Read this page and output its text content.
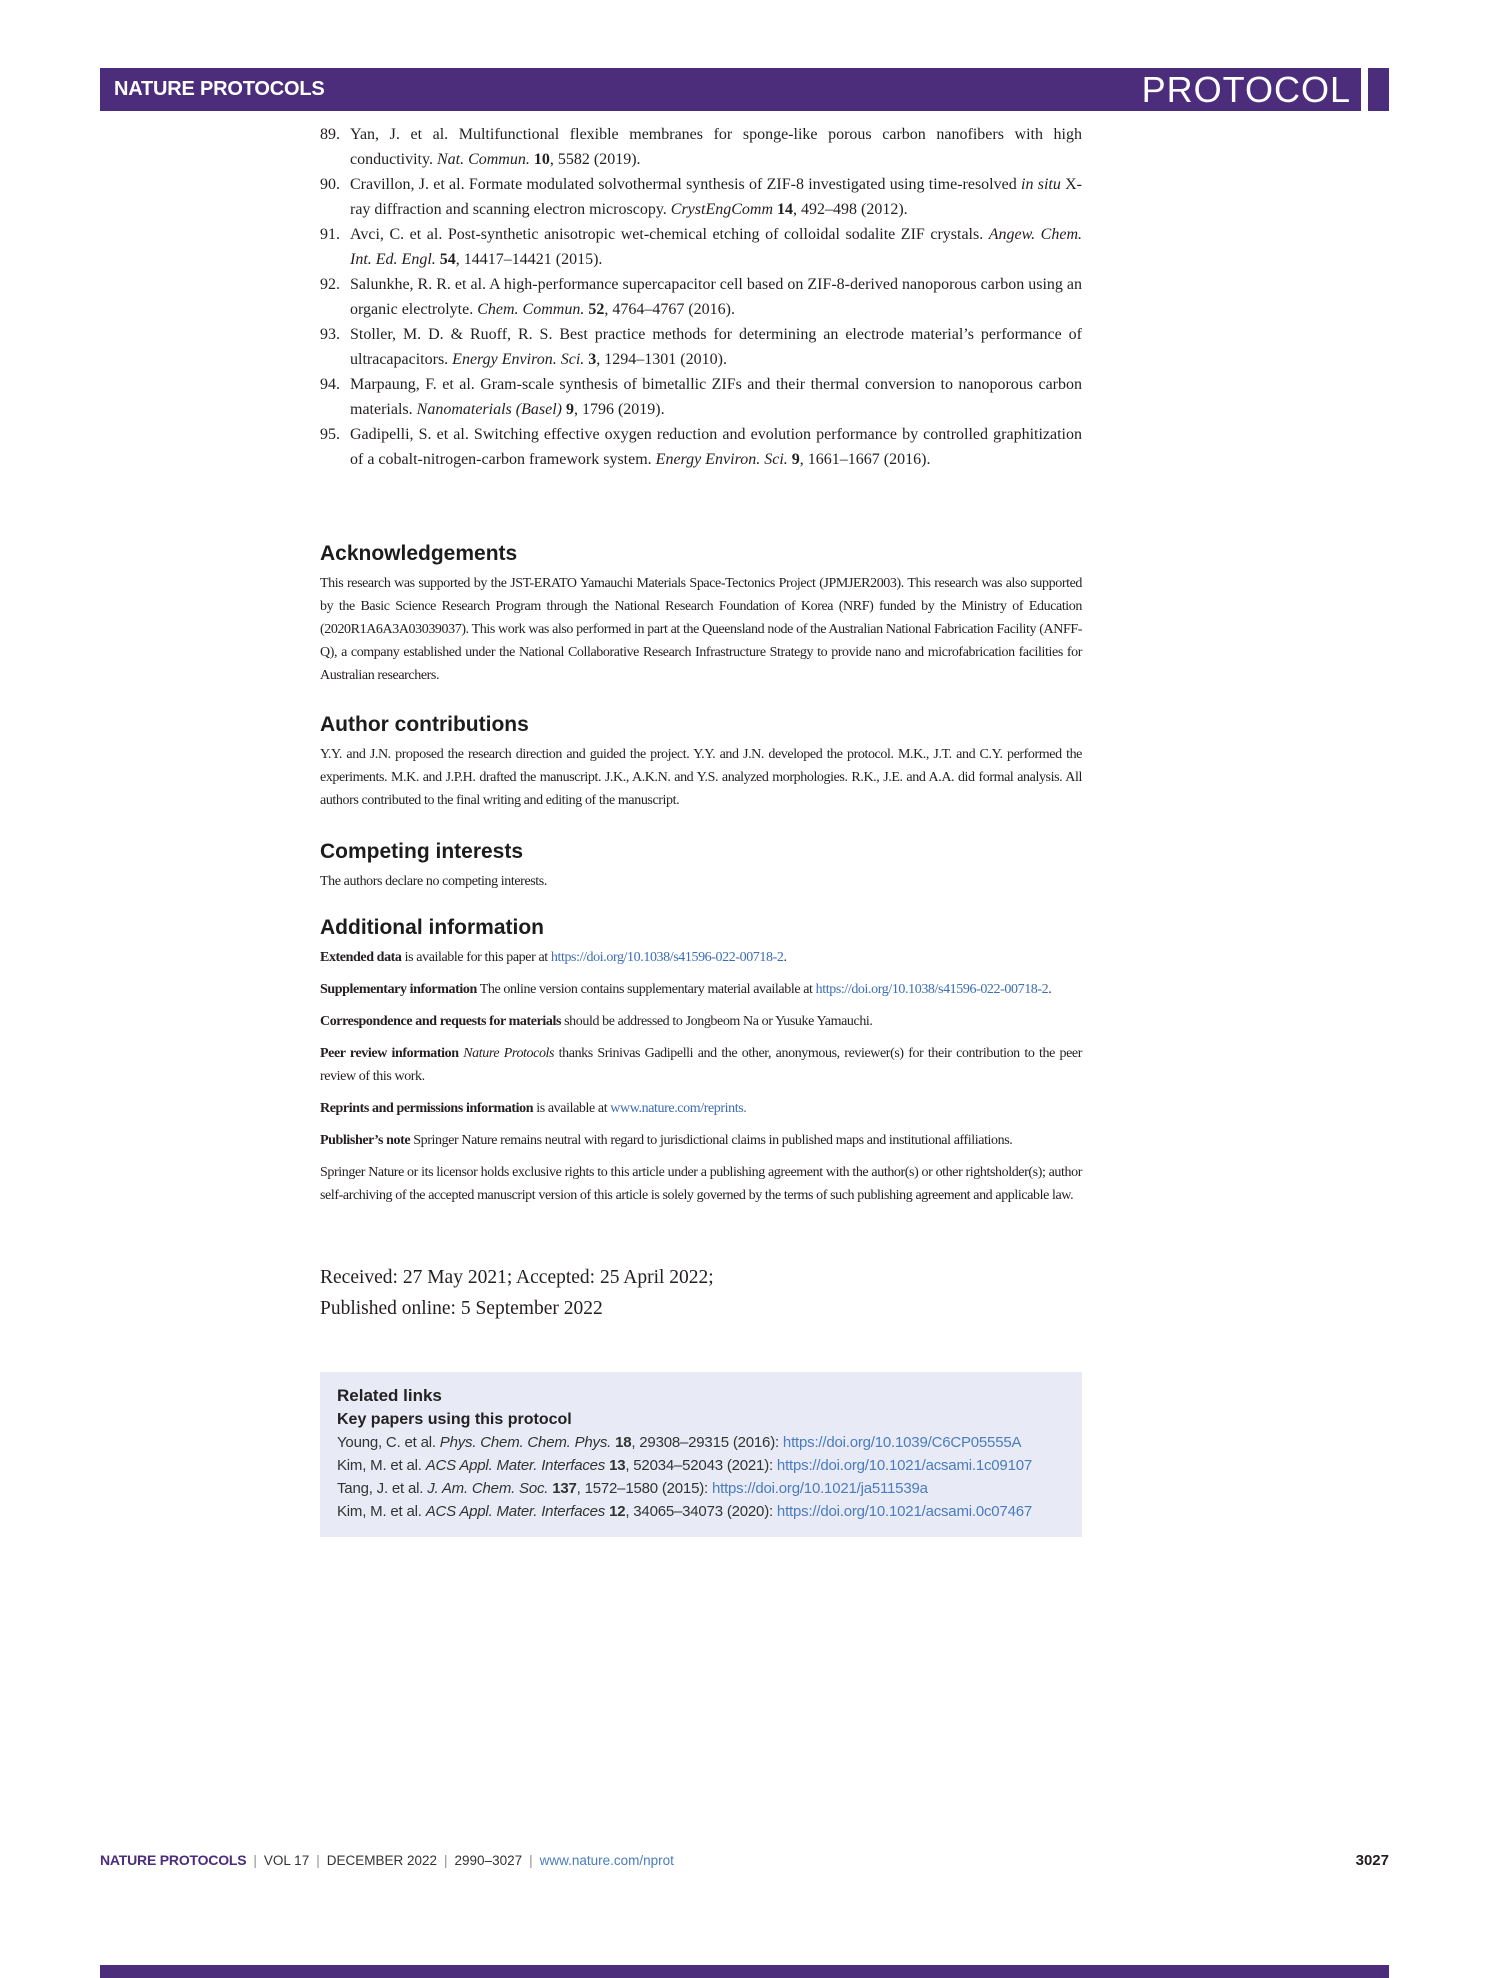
NATURE PROTOCOLS	PROTOCOL
89. Yan, J. et al. Multifunctional flexible membranes for sponge-like porous carbon nanofibers with high conductivity. Nat. Commun. 10, 5582 (2019).
90. Cravillon, J. et al. Formate modulated solvothermal synthesis of ZIF-8 investigated using time-resolved in situ X-ray diffraction and scanning electron microscopy. CrystEngComm 14, 492–498 (2012).
91. Avci, C. et al. Post-synthetic anisotropic wet-chemical etching of colloidal sodalite ZIF crystals. Angew. Chem. Int. Ed. Engl. 54, 14417–14421 (2015).
92. Salunkhe, R. R. et al. A high-performance supercapacitor cell based on ZIF-8-derived nanoporous carbon using an organic electrolyte. Chem. Commun. 52, 4764–4767 (2016).
93. Stoller, M. D. & Ruoff, R. S. Best practice methods for determining an electrode material’s performance of ultracapacitors. Energy Environ. Sci. 3, 1294–1301 (2010).
94. Marpaung, F. et al. Gram-scale synthesis of bimetallic ZIFs and their thermal conversion to nanoporous carbon materials. Nanomaterials (Basel) 9, 1796 (2019).
95. Gadipelli, S. et al. Switching effective oxygen reduction and evolution performance by controlled graphitization of a cobalt-nitrogen-carbon framework system. Energy Environ. Sci. 9, 1661–1667 (2016).
Acknowledgements
This research was supported by the JST-ERATO Yamauchi Materials Space-Tectonics Project (JPMJER2003). This research was also supported by the Basic Science Research Program through the National Research Foundation of Korea (NRF) funded by the Ministry of Education (2020R1A6A3A03039037). This work was also performed in part at the Queensland node of the Australian National Fabrication Facility (ANFF-Q), a company established under the National Collaborative Research Infrastructure Strategy to provide nano and microfabrication facilities for Australian researchers.
Author contributions
Y.Y. and J.N. proposed the research direction and guided the project. Y.Y. and J.N. developed the protocol. M.K., J.T. and C.Y. performed the experiments. M.K. and J.P.H. drafted the manuscript. J.K., A.K.N. and Y.S. analyzed morphologies. R.K., J.E. and A.A. did formal analysis. All authors contributed to the final writing and editing of the manuscript.
Competing interests
The authors declare no competing interests.
Additional information
Extended data is available for this paper at https://doi.org/10.1038/s41596-022-00718-2.
Supplementary information The online version contains supplementary material available at https://doi.org/10.1038/s41596-022-00718-2.
Correspondence and requests for materials should be addressed to Jongbeom Na or Yusuke Yamauchi.
Peer review information Nature Protocols thanks Srinivas Gadipelli and the other, anonymous, reviewer(s) for their contribution to the peer review of this work.
Reprints and permissions information is available at www.nature.com/reprints.
Publisher’s note Springer Nature remains neutral with regard to jurisdictional claims in published maps and institutional affiliations.
Springer Nature or its licensor holds exclusive rights to this article under a publishing agreement with the author(s) or other rightsholder(s); author self-archiving of the accepted manuscript version of this article is solely governed by the terms of such publishing agreement and applicable law.
Received: 27 May 2021; Accepted: 25 April 2022;
Published online: 5 September 2022
Related links
Key papers using this protocol
Young, C. et al. Phys. Chem. Chem. Phys. 18, 29308–29315 (2016): https://doi.org/10.1039/C6CP05555A
Kim, M. et al. ACS Appl. Mater. Interfaces 13, 52034–52043 (2021): https://doi.org/10.1021/acsami.1c09107
Tang, J. et al. J. Am. Chem. Soc. 137, 1572–1580 (2015): https://doi.org/10.1021/ja511539a
Kim, M. et al. ACS Appl. Mater. Interfaces 12, 34065–34073 (2020): https://doi.org/10.1021/acsami.0c07467
NATURE PROTOCOLS | VOL 17 | DECEMBER 2022 | 2990–3027 | www.nature.com/nprot	3027
